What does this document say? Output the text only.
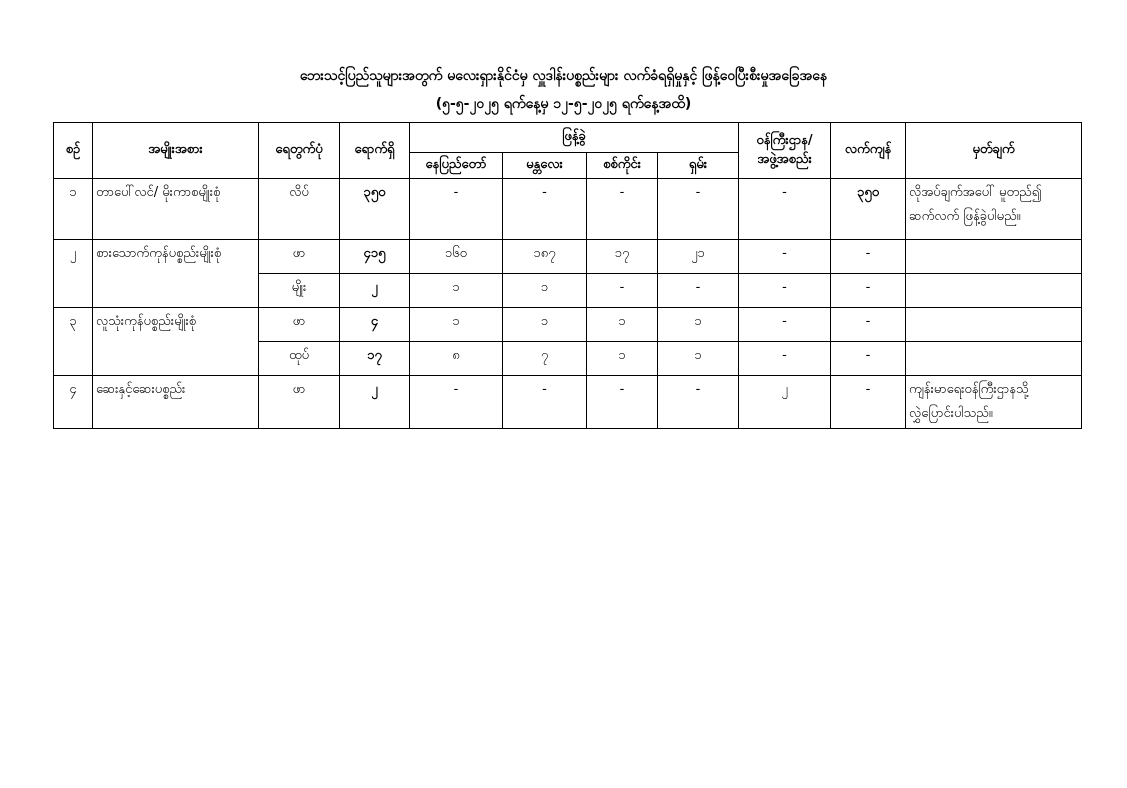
ဘေးသင့်ပြည်သူများအတွက် မလေးရှားနိုင်ငံမှ လှူဒါန်းပစ္စည်းများ လက်ခံရရှိမှုနှင့် ဖြန့်ဝေပြီးစီးမှုအခြေအနေ
(၅-၅-၂၀၂၅ ရက်နေ့မှ ၁၂-၅-၂၀၂၅ ရက်နေ့အထိ)
စဉ်	အမျိုးအစား	ရေတွက်ပုံ	ရောက်ရှိ	ဖြန့်ခွဲ				ဝန်ကြီးဌာန/
အဖွဲ့အစည်း	လက်ကျန်	မှတ်ချက်
				နေပြည်တော်	မန္တလေး	စစ်ကိုင်း	ရှမ်း			
၁	တာပေါ်လင်/ မိုးကာစမျိုးစုံ	လိပ်	၃၅၀	-	-	-	-	-	၃၅၀	လိုအပ်ချက်အပေါ် မူတည်၍
ဆက်လက် ဖြန့်ခွဲပါမည်။
၂	စားသောက်ကုန်ပစ္စည်းမျိုးစုံ	ဖာ	၄၁၅	၁၆၀	၁၈၇	၁၇	၂၁	-	-	
		မျိုး	၂	၁	၁	-	-	-	-	
၃	လူသုံးကုန်ပစ္စည်းမျိုးစုံ	ဖာ	၄	၁	၁	၁	၁	-	-	
		ထုပ်	၁၇	၈	၇	၁	၁	-	-	
၄	ဆေးနှင့်ဆေးပစ္စည်း	ဖာ	၂	-	-	-	-	၂	-	ကျန်းမာရေးဝန်ကြီးဌာနသို့
လွှဲပြောင်းပါသည်။
